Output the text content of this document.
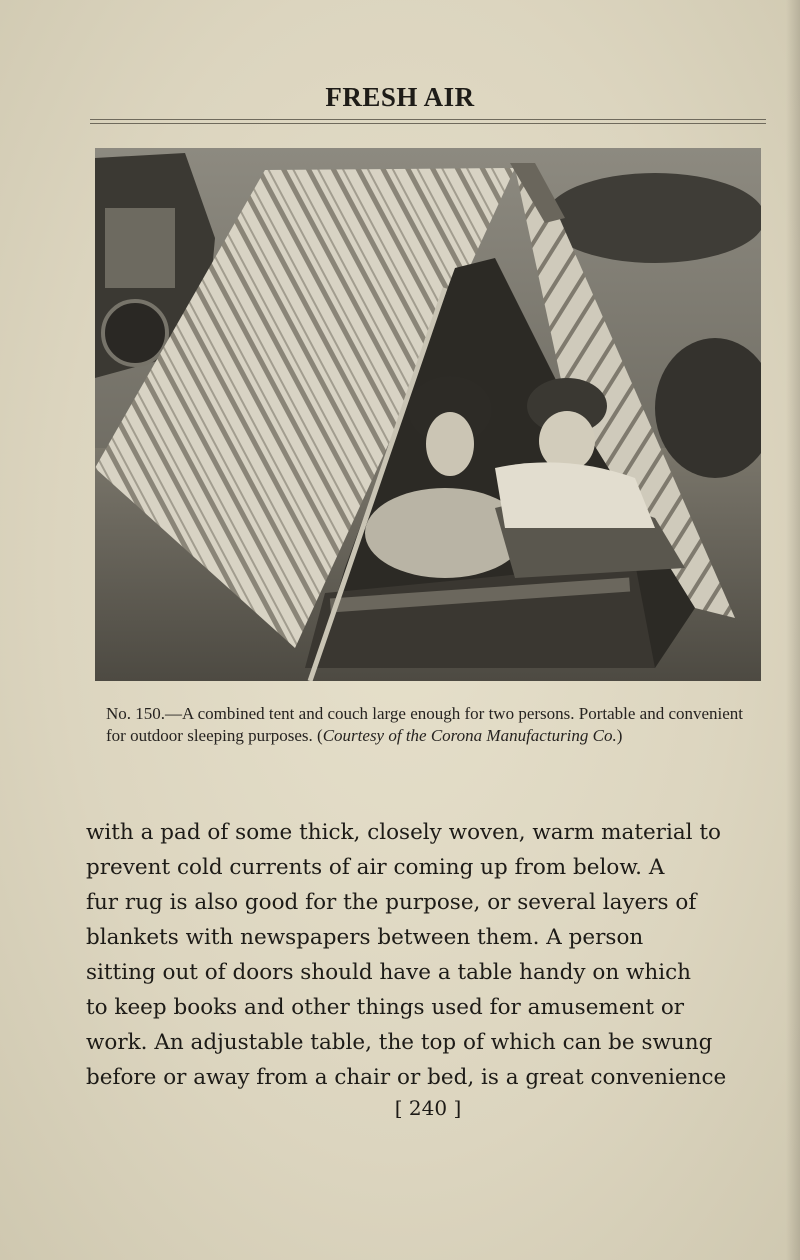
FRESH AIR
No. 150.—A combined tent and couch large enough for two persons. Portable and convenient for outdoor sleeping purposes. (Courtesy of the Corona Manufacturing Co.)
with a pad of some thick, closely woven, warm material to
prevent cold currents of air coming up from below. A
fur rug is also good for the purpose, or several layers of
blankets with newspapers between them. A person
sitting out of doors should have a table handy on which
to keep books and other things used for amusement or
work. An adjustable table, the top of which can be swung
before or away from a chair or bed, is a great convenience
[ 240 ]
